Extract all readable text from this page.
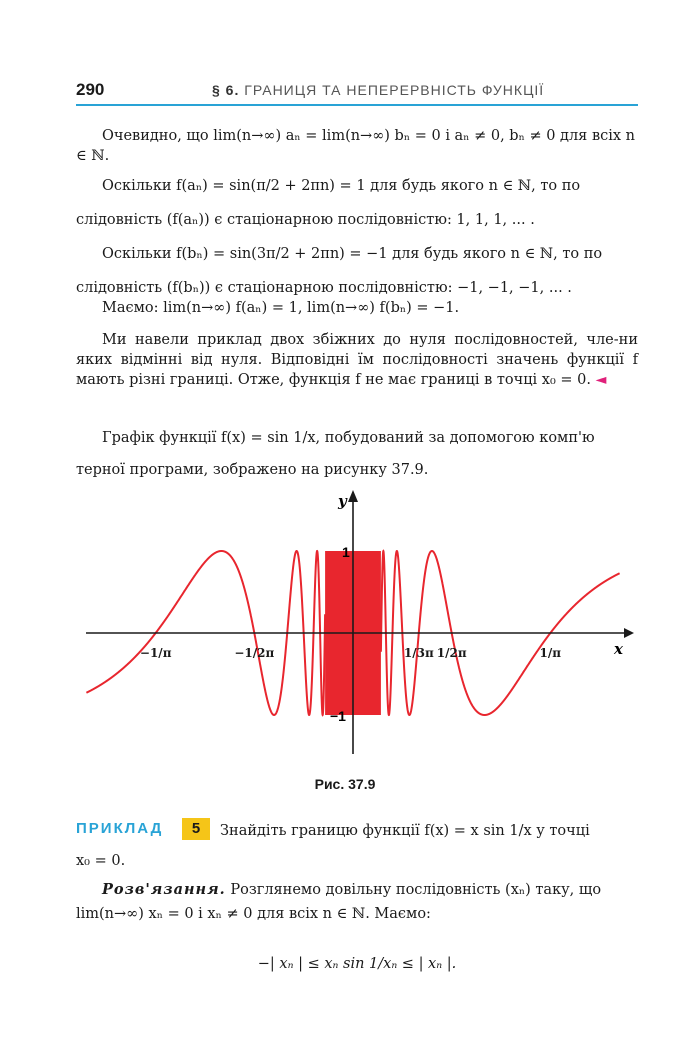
290	§ 6. ГРАНИЦЯ ТА НЕПЕРЕРВНІСТЬ ФУНКЦІЇ
Очевидно, що lim(n→∞) aₙ = lim(n→∞) bₙ = 0 і aₙ ≠ 0, bₙ ≠ 0 для всіх n ∈ ℕ.
Оскільки f(aₙ) = sin(π/2 + 2πn) = 1 для будь якого n ∈ ℕ, то по
слідовність (f(aₙ)) є стаціонарною послідовністю: 1, 1, 1, ... .
Оскільки f(bₙ) = sin(3π/2 + 2πn) = −1 для будь якого n ∈ ℕ, то по
слідовність (f(bₙ)) є стаціонарною послідовністю: −1, −1, −1, ... .
Маємо: lim(n→∞) f(aₙ) = 1, lim(n→∞) f(bₙ) = −1.
Ми навели приклад двох збіжних до нуля послідовностей, чле-ни яких відмінні від нуля. Відповідні їм послідовності значень функції f мають різні границі. Отже, функція f не має границі в точці x₀ = 0. ◄
Графік функції f(x) = sin 1/x, побудований за допомогою комп'ю
терної програми, зображено на рисунку 37.9.
x
y
1
−1
−1/π	−1/2π	1/3π 1/2π	1/π
Рис. 37.9
ПРИКЛАД	5	Знайдіть границю функції f(x) = x sin 1/x у точці
x₀ = 0.
Розв'язання. Розглянемо довільну послідовність (xₙ) таку, що
lim(n→∞) xₙ = 0 і xₙ ≠ 0 для всіх n ∈ ℕ. Маємо:
−| xₙ | ≤ xₙ sin 1/xₙ ≤ | xₙ |.
